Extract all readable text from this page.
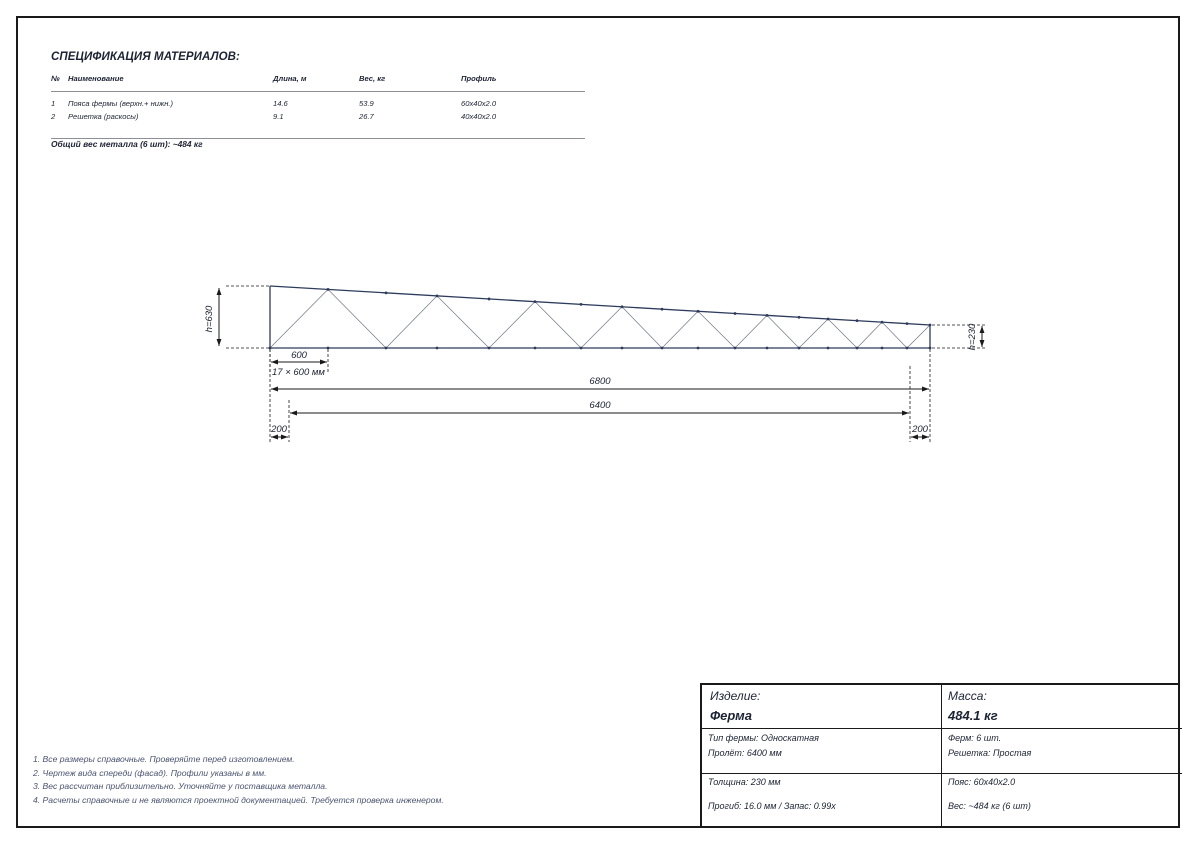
СПЕЦИФИКАЦИЯ МАТЕРИАЛОВ:
№ Наименование	Длина, м	Вес, кг	Профиль
1 Пояса фермы (верхн.+ нижн.)	14.6	53.9	60х40х2.0
2 Решетка (раскосы)	9.1	26.7	40х40х2.0
Общий вес металла (6 шт): ~484 кг
h=630
h=230
600
17 × 600 мм
6800
6400
200	200
1. Все размеры справочные. Проверяйте перед изготовлением.
2. Чертеж вида спереди (фасад). Профили указаны в мм.
3. Вес рассчитан приблизительно. Уточняйте у поставщика металла.
4. Расчеты справочные и не являются проектной документацией. Требуется проверка инженером.
Изделие:
Ферма
Масса:
484.1 кг
Тип фермы: Односкатная
Пролёт: 6400 мм
Ферм: 6 шт.
Решетка: Простая
Толщина: 230 мм
Прогиб: 16.0 мм / Запас: 0.99x
Пояс: 60х40х2.0
Вес: ~484 кг (6 шт)
